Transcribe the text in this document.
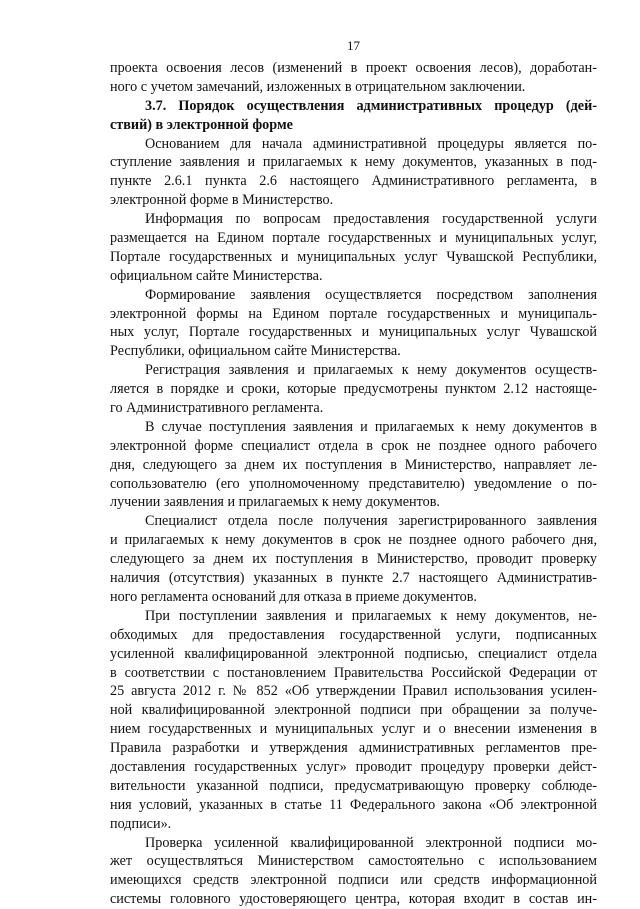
17
проекта освоения лесов (изменений в проект освоения лесов), доработан-
ного с учетом замечаний, изложенных в отрицательном заключении.
3.7. Порядок осуществления административных процедур (дей-
ствий) в электронной форме
Основанием для начала административной процедуры является по-
ступление заявления и прилагаемых к нему документов, указанных в под-
пункте 2.6.1 пункта 2.6 настоящего Административного регламента, в
электронной форме в Министерство.
Информация по вопросам предоставления государственной услуги
размещается на Едином портале государственных и муниципальных услуг,
Портале государственных и муниципальных услуг Чувашской Республики,
официальном сайте Министерства.
Формирование заявления осуществляется посредством заполнения
электронной формы на Едином портале государственных и муниципаль-
ных услуг, Портале государственных и муниципальных услуг Чувашской
Республики, официальном сайте Министерства.
Регистрация заявления и прилагаемых к нему документов осуществ-
ляется в порядке и сроки, которые предусмотрены пунктом 2.12 настояще-
го Административного регламента.
В случае поступления заявления и прилагаемых к нему документов в
электронной форме специалист отдела в срок не позднее одного рабочего
дня, следующего за днем их поступления в Министерство, направляет ле-
сопользователю (его уполномоченному представителю) уведомление о по-
лучении заявления и прилагаемых к нему документов.
Специалист отдела после получения зарегистрированного заявления
и прилагаемых к нему документов в срок не позднее одного рабочего дня,
следующего за днем их поступления в Министерство, проводит проверку
наличия (отсутствия) указанных в пункте 2.7 настоящего Административ-
ного регламента оснований для отказа в приеме документов.
При поступлении заявления и прилагаемых к нему документов, не-
обходимых для предоставления государственной услуги, подписанных
усиленной квалифицированной электронной подписью, специалист отдела
в соответствии с постановлением Правительства Российской Федерации от
25 августа 2012 г. № 852 «Об утверждении Правил использования усилен-
ной квалифицированной электронной подписи при обращении за получе-
нием государственных и муниципальных услуг и о внесении изменения в
Правила разработки и утверждения административных регламентов пре-
доставления государственных услуг» проводит процедуру проверки дейст-
вительности указанной подписи, предусматривающую проверку соблюде-
ния условий, указанных в статье 11 Федерального закона «Об электронной
подписи».
Проверка усиленной квалифицированной электронной подписи мо-
жет осуществляться Министерством самостоятельно с использованием
имеющихся средств электронной подписи или средств информационной
системы головного удостоверяющего центра, которая входит в состав ин-
